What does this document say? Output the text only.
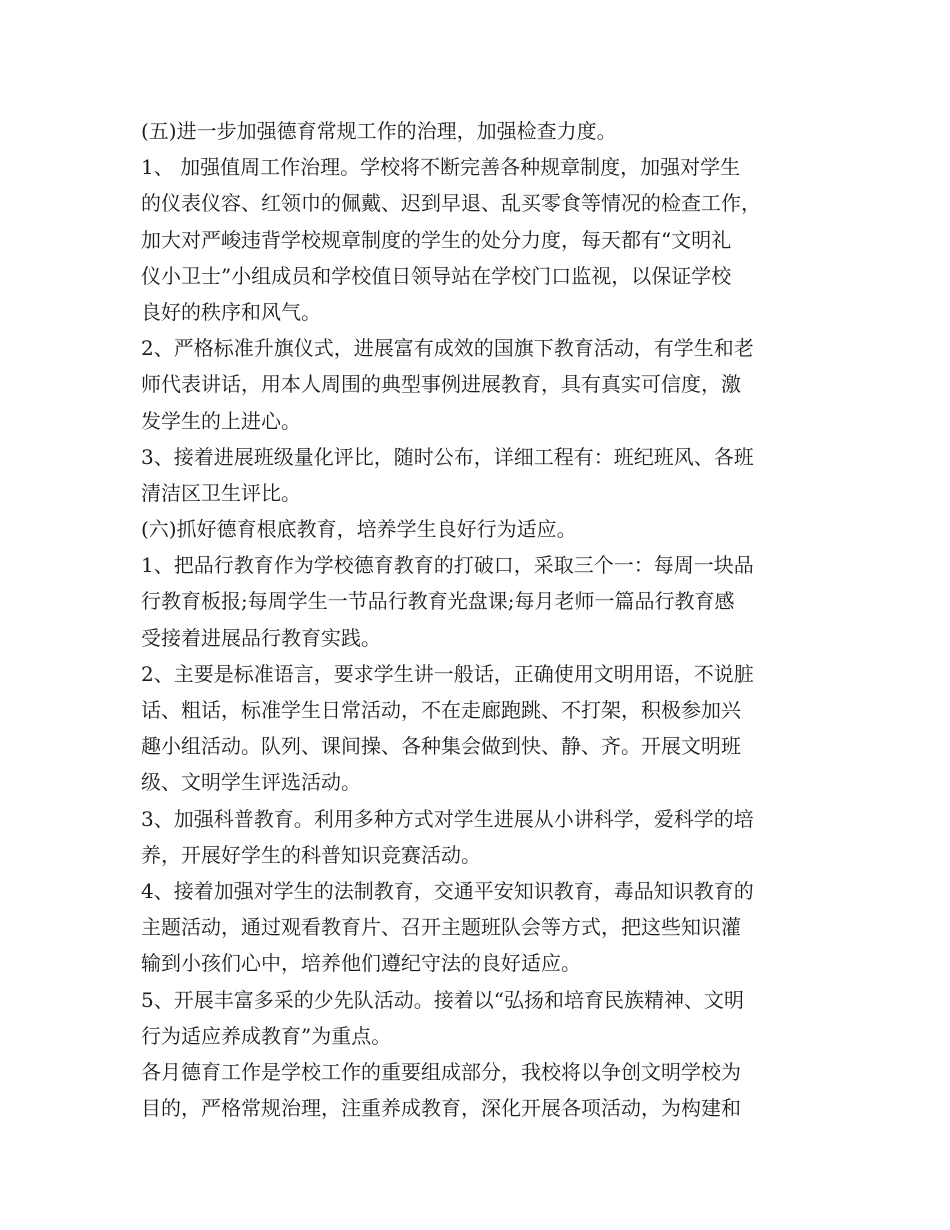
(五)进一步加强德育常规工作的治理，加强检查力度。
1、 加强值周工作治理。学校将不断完善各种规章制度，加强对学生
的仪表仪容、红领巾的佩戴、迟到早退、乱买零食等情况的检查工作，
加大对严峻违背学校规章制度的学生的处分力度，每天都有“文明礼
仪小卫士”小组成员和学校值日领导站在学校门口监视，以保证学校
良好的秩序和风气。
2、严格标准升旗仪式，进展富有成效的国旗下教育活动，有学生和老
师代表讲话，用本人周围的典型事例进展教育，具有真实可信度，激
发学生的上进心。
3、接着进展班级量化评比，随时公布，详细工程有：班纪班风、各班
清洁区卫生评比。
(六)抓好德育根底教育，培养学生良好行为适应。
1、把品行教育作为学校德育教育的打破口，采取三个一：每周一块品
行教育板报;每周学生一节品行教育光盘课;每月老师一篇品行教育感
受接着进展品行教育实践。
2、主要是标准语言，要求学生讲一般话，正确使用文明用语，不说脏
话、粗话，标准学生日常活动，不在走廊跑跳、不打架，积极参加兴
趣小组活动。队列、课间操、各种集会做到快、静、齐。开展文明班
级、文明学生评选活动。
3、加强科普教育。利用多种方式对学生进展从小讲科学，爱科学的培
养，开展好学生的科普知识竞赛活动。
4、接着加强对学生的法制教育，交通平安知识教育，毒品知识教育的
主题活动，通过观看教育片、召开主题班队会等方式，把这些知识灌
输到小孩们心中，培养他们遵纪守法的良好适应。
5、开展丰富多采的少先队活动。接着以“弘扬和培育民族精神、文明
行为适应养成教育”为重点。
各月德育工作是学校工作的重要组成部分，我校将以争创文明学校为
目的，严格常规治理，注重养成教育，深化开展各项活动，为构建和
